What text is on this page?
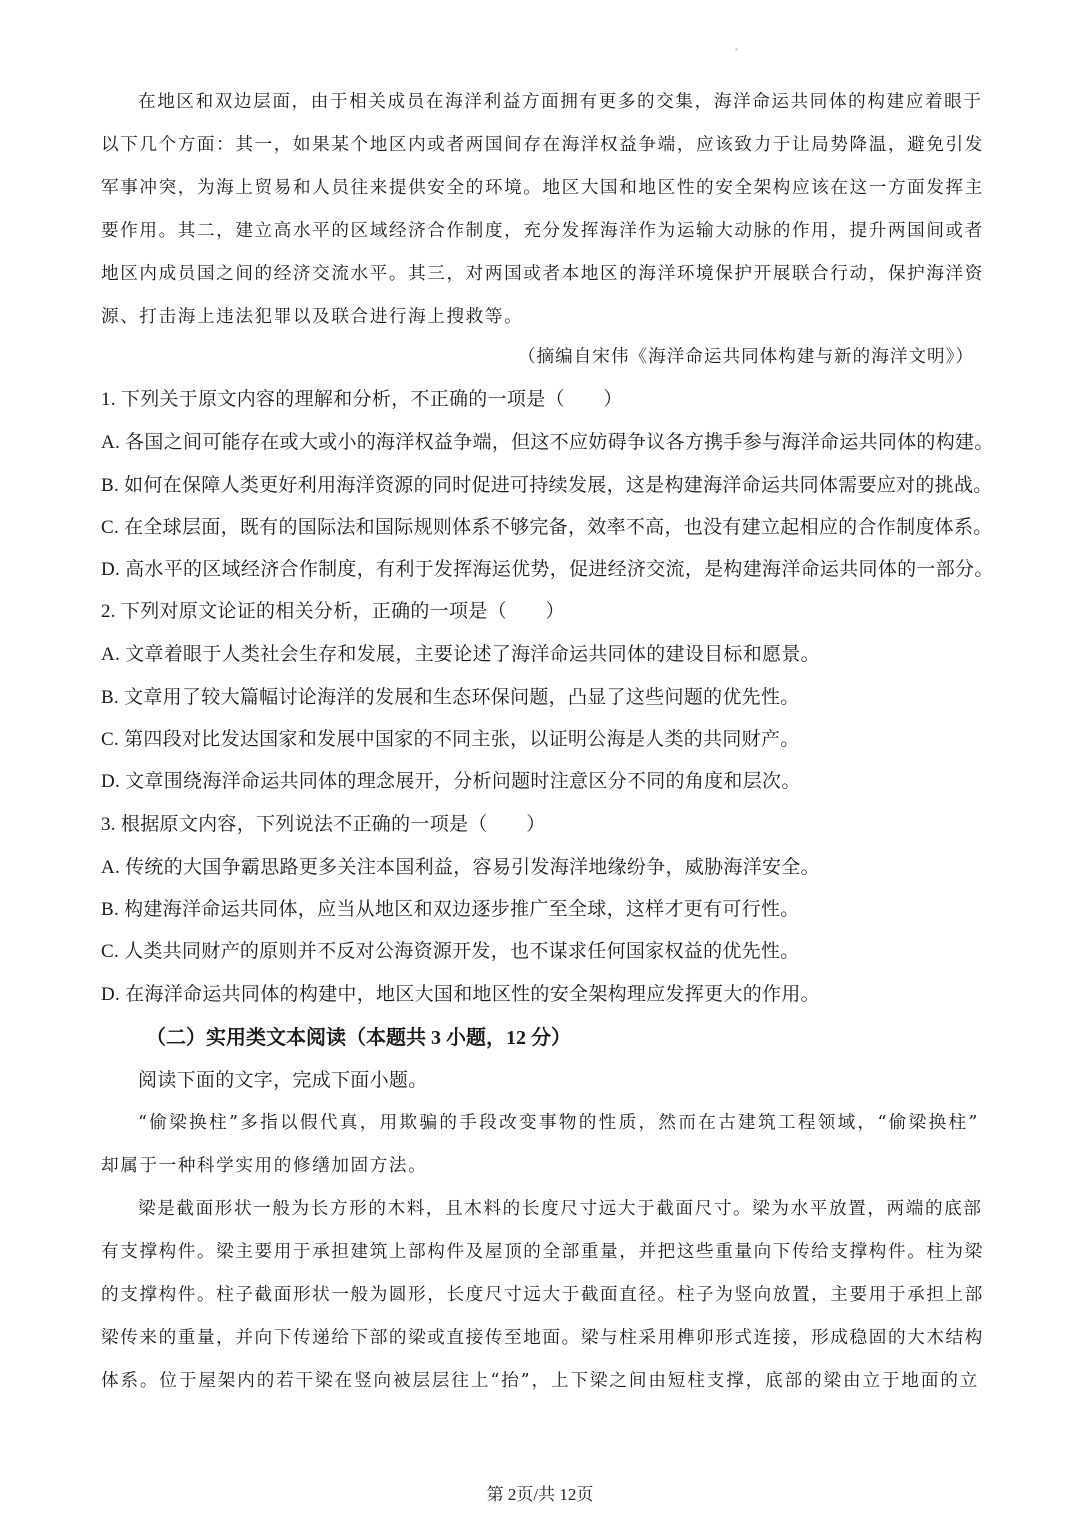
在地区和双边层面，由于相关成员在海洋利益方面拥有更多的交集，海洋命运共同体的构建应着眼于
以下几个方面：其一，如果某个地区内或者两国间存在海洋权益争端，应该致力于让局势降温，避免引发
军事冲突，为海上贸易和人员往来提供安全的环境。地区大国和地区性的安全架构应该在这一方面发挥主
要作用。其二，建立高水平的区域经济合作制度，充分发挥海洋作为运输大动脉的作用，提升两国间或者
地区内成员国之间的经济交流水平。其三，对两国或者本地区的海洋环境保护开展联合行动，保护海洋资
源、打击海上违法犯罪以及联合进行海上搜救等。
（摘编自宋伟《海洋命运共同体构建与新的海洋文明》）
1. 下列关于原文内容的理解和分析，不正确的一项是（　　）
A. 各国之间可能存在或大或小的海洋权益争端，但这不应妨碍争议各方携手参与海洋命运共同体的构建。
B. 如何在保障人类更好利用海洋资源的同时促进可持续发展，这是构建海洋命运共同体需要应对的挑战。
C. 在全球层面，既有的国际法和国际规则体系不够完备，效率不高，也没有建立起相应的合作制度体系。
D. 高水平的区域经济合作制度，有利于发挥海运优势，促进经济交流，是构建海洋命运共同体的一部分。
2. 下列对原文论证的相关分析，正确的一项是（　　）
A. 文章着眼于人类社会生存和发展，主要论述了海洋命运共同体的建设目标和愿景。
B. 文章用了较大篇幅讨论海洋的发展和生态环保问题，凸显了这些问题的优先性。
C. 第四段对比发达国家和发展中国家的不同主张，以证明公海是人类的共同财产。
D. 文章围绕海洋命运共同体的理念展开，分析问题时注意区分不同的角度和层次。
3. 根据原文内容，下列说法不正确的一项是（　　）
A. 传统的大国争霸思路更多关注本国利益，容易引发海洋地缘纷争，威胁海洋安全。
B. 构建海洋命运共同体，应当从地区和双边逐步推广至全球，这样才更有可行性。
C. 人类共同财产的原则并不反对公海资源开发，也不谋求任何国家权益的优先性。
D. 在海洋命运共同体的构建中，地区大国和地区性的安全架构理应发挥更大的作用。
（二）实用类文本阅读（本题共 3 小题，12 分）
阅读下面的文字，完成下面小题。
“偷梁换柱”多指以假代真，用欺骗的手段改变事物的性质，然而在古建筑工程领域，“偷梁换柱”
却属于一种科学实用的修缮加固方法。
梁是截面形状一般为长方形的木料，且木料的长度尺寸远大于截面尺寸。梁为水平放置，两端的底部
有支撑构件。梁主要用于承担建筑上部构件及屋顶的全部重量，并把这些重量向下传给支撑构件。柱为梁
的支撑构件。柱子截面形状一般为圆形，长度尺寸远大于截面直径。柱子为竖向放置，主要用于承担上部
梁传来的重量，并向下传递给下部的梁或直接传至地面。梁与柱采用榫卯形式连接，形成稳固的大木结构
体系。位于屋架内的若干梁在竖向被层层往上“抬”，上下梁之间由短柱支撑，底部的梁由立于地面的立
第 2页/共 12页
